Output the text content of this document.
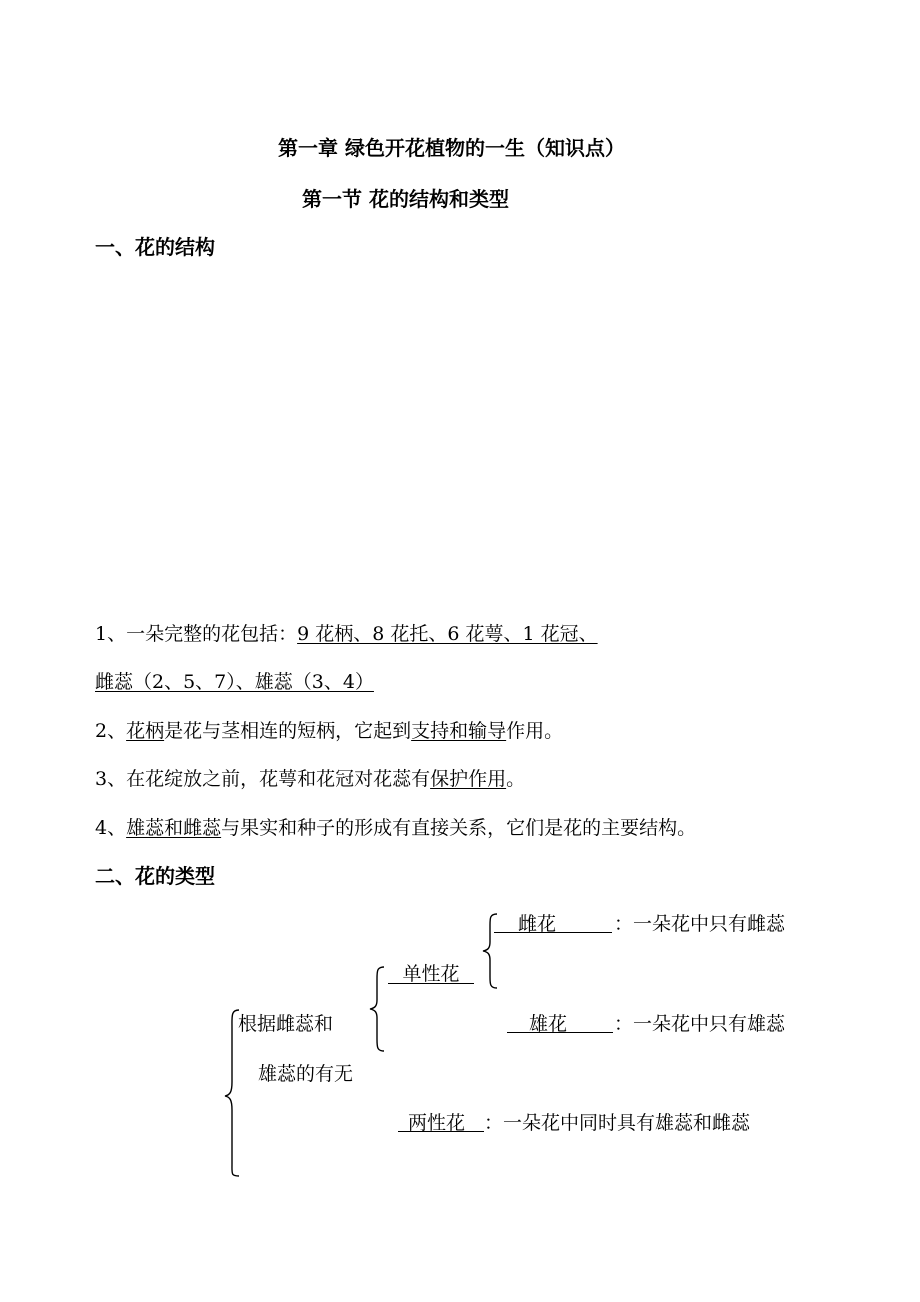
第一章 绿色开花植物的一生（知识点）
第一节 花的结构和类型
一、花的结构
1、一朵完整的花包括：9 花柄、8 花托、6 花萼、1 花冠、
雌蕊（2、5、7）、雄蕊（3、4）
2、花柄是花与茎相连的短柄，它起到支持和输导作用。
3、在花绽放之前，花萼和花冠对花蕊有保护作用。
4、雄蕊和雌蕊与果实和种子的形成有直接关系，它们是花的主要结构。
二、花的类型
根据雌蕊和
雄蕊的有无
单性花
雌花	：一朵花中只有雌蕊
雄花	：一朵花中只有雄蕊
两性花 ：一朵花中同时具有雄蕊和雌蕊
